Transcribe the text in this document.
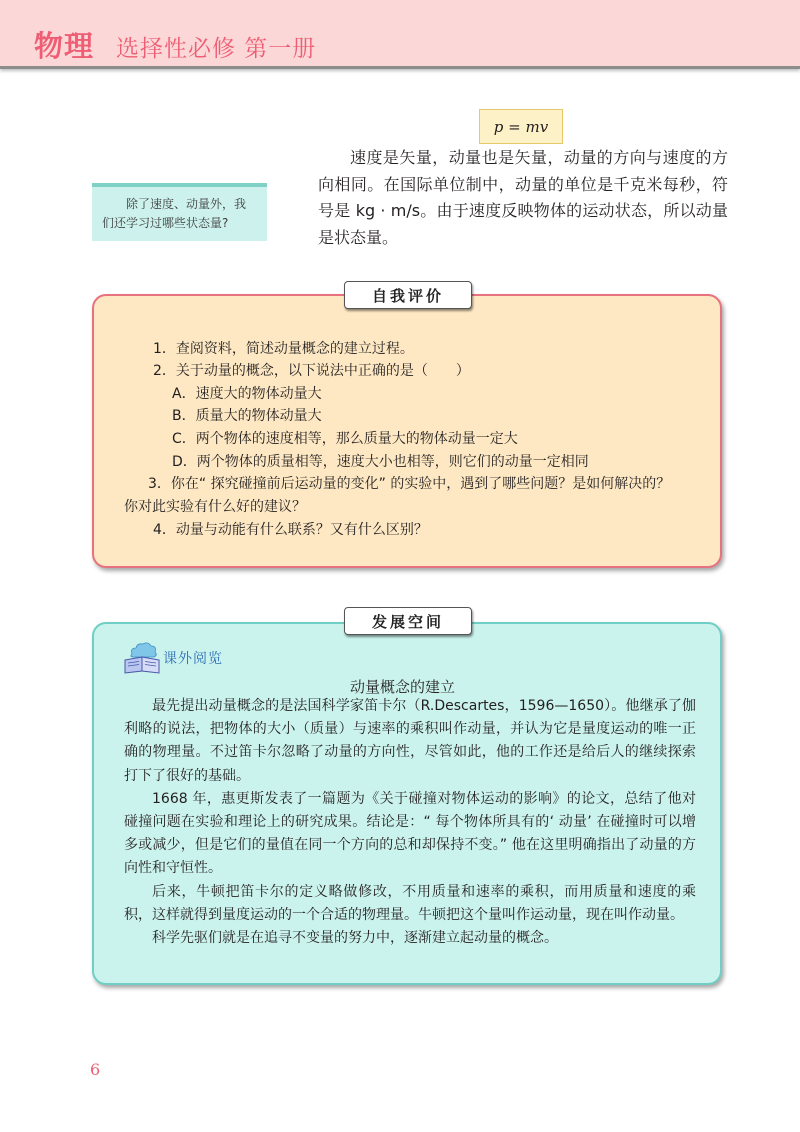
物理 选择性必修 第一册
p = mv

速度是矢量，动量也是矢量，动量的方向与速度的方向相同。在国际单位制中，动量的单位是千克米每秒，符号是 kg · m/s。由于速度反映物体的运动状态，所以动量是状态量。

除了速度、动量外，我们还学习过哪些状态量?
自我评价
1．查阅资料，简述动量概念的建立过程。
2．关于动量的概念，以下说法中正确的是（　　）
A．速度大的物体动量大
B．质量大的物体动量大
C．两个物体的速度相等，那么质量大的物体动量一定大
D．两个物体的质量相等，速度大小也相等，则它们的动量一定相同
3．你在“ 探究碰撞前后运动量的变化” 的实验中，遇到了哪些问题？是如何解决的？
你对此实验有什么好的建议？
4．动量与动能有什么联系？又有什么区别？
发展空间
课外阅览
动量概念的建立

最先提出动量概念的是法国科学家笛卡尔（R.Descartes，1596—1650）。他继承了伽利略的说法，把物体的大小（质量）与速率的乘积叫作动量，并认为它是量度运动的唯一正确的物理量。不过笛卡尔忽略了动量的方向性，尽管如此，他的工作还是给后人的继续探索打下了很好的基础。

1668 年，惠更斯发表了一篇题为《关于碰撞对物体运动的影响》的论文，总结了他对碰撞问题在实验和理论上的研究成果。结论是：“ 每个物体所具有的‘ 动量’ 在碰撞时可以增多或减少，但是它们的量值在同一个方向的总和却保持不变。” 他在这里明确指出了动量的方向性和守恒性。

后来，牛顿把笛卡尔的定义略做修改，不用质量和速率的乘积，而用质量和速度的乘积，这样就得到量度运动的一个合适的物理量。牛顿把这个量叫作运动量，现在叫作动量。

科学先驱们就是在追寻不变量的努力中，逐渐建立起动量的概念。

6
